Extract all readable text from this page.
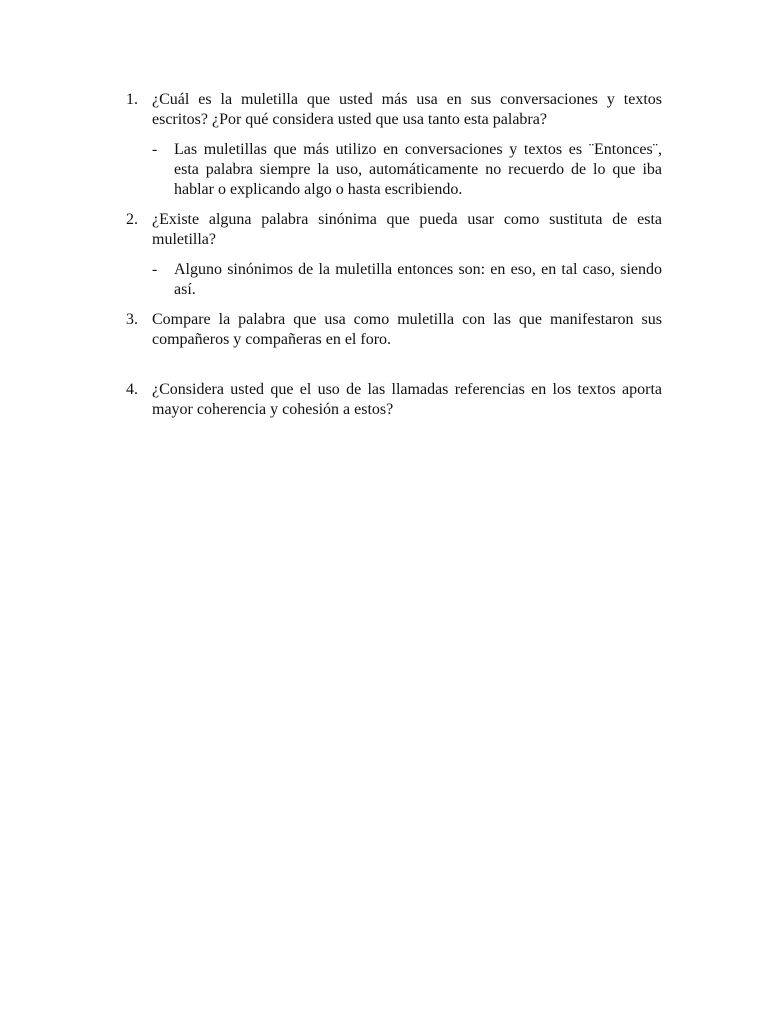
1. ¿Cuál es la muletilla que usted más usa en sus conversaciones y textos escritos? ¿Por qué considera usted que usa tanto esta palabra?
- Las muletillas que más utilizo en conversaciones y textos es ¨Entonces¨, esta palabra siempre la uso, automáticamente no recuerdo de lo que iba hablar o explicando algo o hasta escribiendo.
2. ¿Existe alguna palabra sinónima que pueda usar como sustituta de esta muletilla?
- Alguno sinónimos de la muletilla entonces son: en eso, en tal caso, siendo así.
3. Compare la palabra que usa como muletilla con las que manifestaron sus compañeros y compañeras en el foro.
4. ¿Considera usted que el uso de las llamadas referencias en los textos aporta mayor coherencia y cohesión a estos?
